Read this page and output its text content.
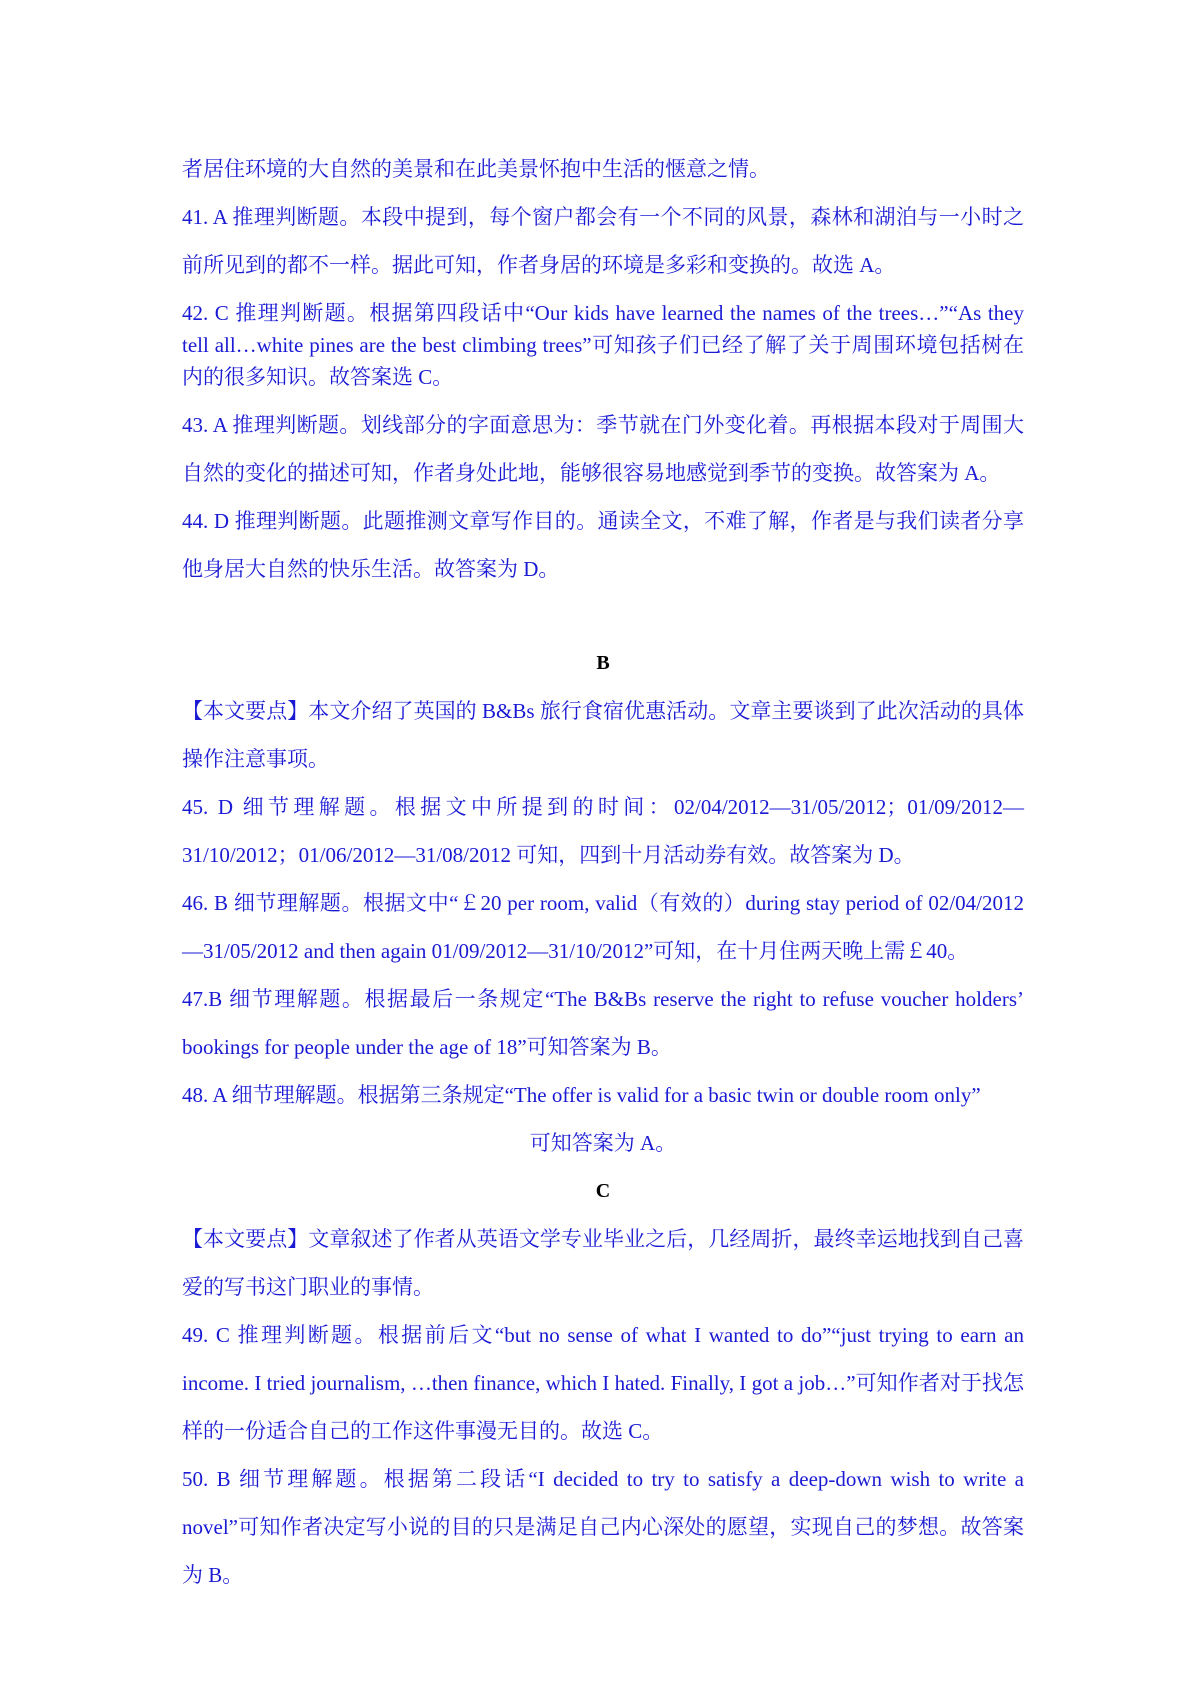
者居住环境的大自然的美景和在此美景怀抱中生活的惬意之情。

41. A 推理判断题。本段中提到，每个窗户都会有一个不同的风景，森林和湖泊与一小时之前所见到的都不一样。据此可知，作者身居的环境是多彩和变换的。故选 A。

42. C 推理判断题。根据第四段话中“Our kids have learned the names of the trees…”“As they tell all…white pines are the best climbing trees”可知孩子们已经了解了关于周围环境包括树在内的很多知识。故答案选 C。

43. A 推理判断题。划线部分的字面意思为：季节就在门外变化着。再根据本段对于周围大自然的变化的描述可知，作者身处此地，能够很容易地感觉到季节的变换。故答案为 A。

44. D 推理判断题。此题推测文章写作目的。通读全文，不难了解，作者是与我们读者分享他身居大自然的快乐生活。故答案为 D。

B

【本文要点】本文介绍了英国的 B&Bs 旅行食宿优惠活动。文章主要谈到了此次活动的具体操作注意事项。

45. D 细节理解题。根据文中所提到的时间：02/04/2012—31/05/2012；01/09/2012—31/10/2012；01/06/2012—31/08/2012 可知，四到十月活动券有效。故答案为 D。

46. B 细节理解题。根据文中“￡20 per room, valid（有效的）during stay period of 02/04/2012—31/05/2012 and then again 01/09/2012—31/10/2012”可知，在十月住两天晚上需￡40。

47.B 细节理解题。根据最后一条规定“The B&Bs reserve the right to refuse voucher holders’ bookings for people under the age of 18”可知答案为 B。

48. A 细节理解题。根据第三条规定“The offer is valid for a basic twin or double room only”

可知答案为 A。

C

【本文要点】文章叙述了作者从英语文学专业毕业之后，几经周折，最终幸运地找到自己喜爱的写书这门职业的事情。

49. C 推理判断题。根据前后文“but no sense of what I wanted to do”“just trying to earn an income. I tried journalism, …then finance, which I hated. Finally, I got a job…”可知作者对于找怎样的一份适合自己的工作这件事漫无目的。故选 C。

50. B 细节理解题。根据第二段话“I decided to try to satisfy a deep-down wish to write a novel”可知作者决定写小说的目的只是满足自己内心深处的愿望，实现自己的梦想。故答案为 B。
